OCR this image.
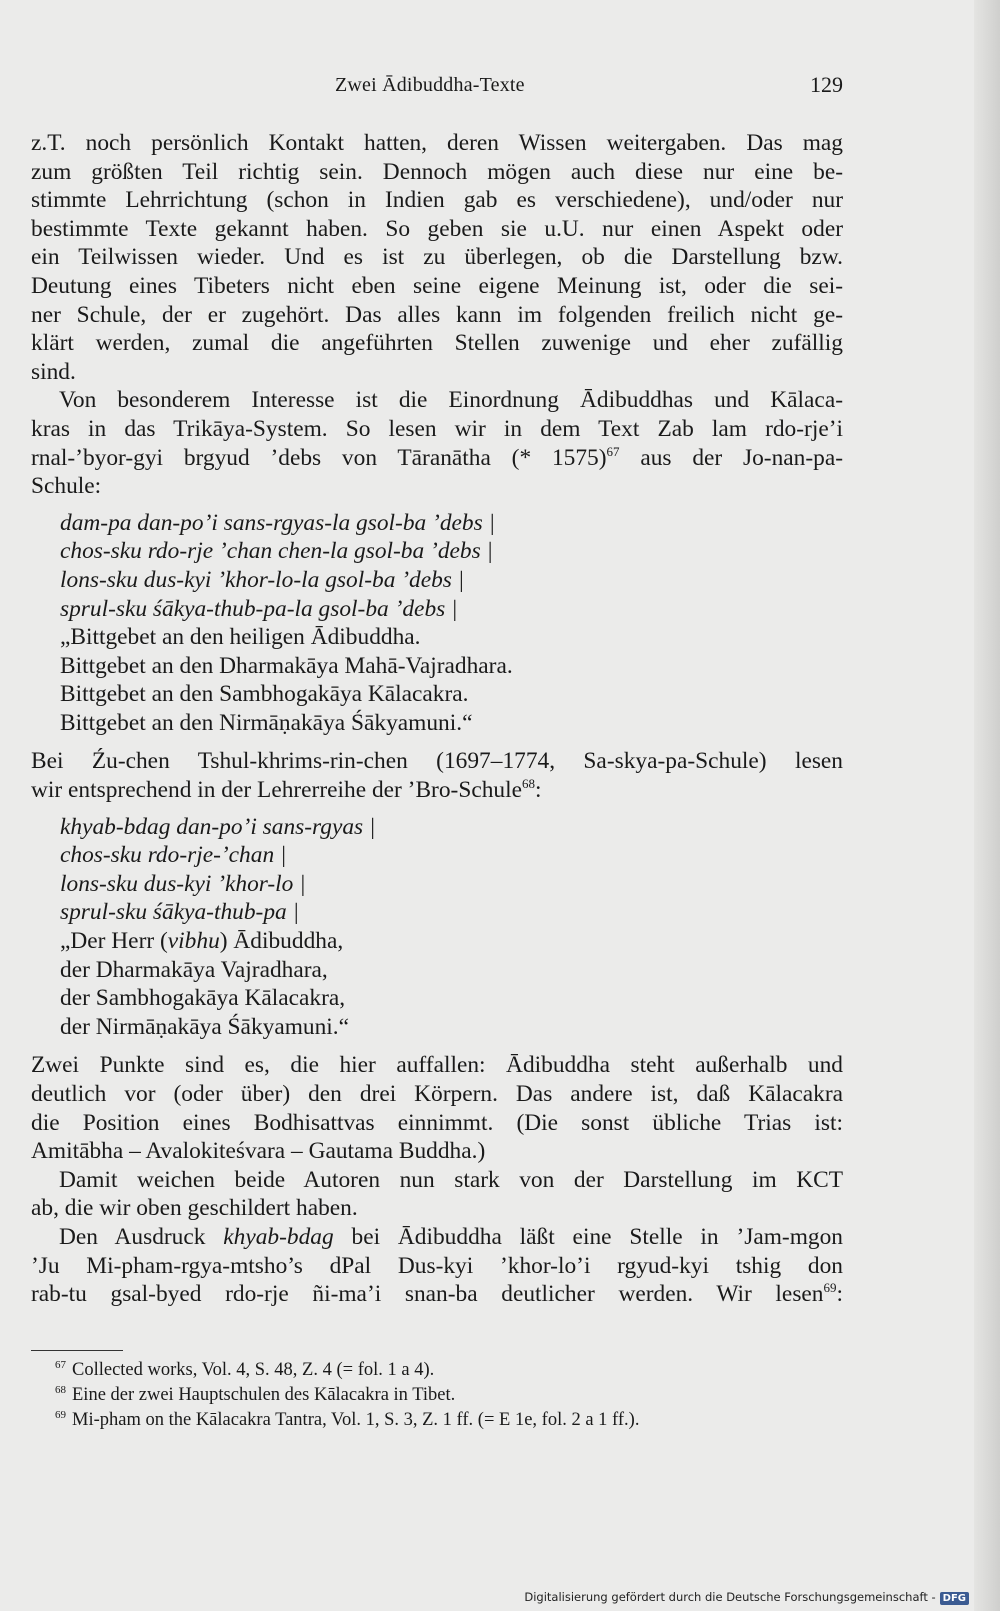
Zwei Ādibuddha-Texte	129

z.T. noch persönlich Kontakt hatten, deren Wissen weitergaben. Das mag
zum größten Teil richtig sein. Dennoch mögen auch diese nur eine be-
stimmte Lehrrichtung (schon in Indien gab es verschiedene), und/oder nur
bestimmte Texte gekannt haben. So geben sie u.U. nur einen Aspekt oder
ein Teilwissen wieder. Und es ist zu überlegen, ob die Darstellung bzw.
Deutung eines Tibeters nicht eben seine eigene Meinung ist, oder die sei-
ner Schule, der er zugehört. Das alles kann im folgenden freilich nicht ge-
klärt werden, zumal die angeführten Stellen zuwenige und eher zufällig
sind.

Von besonderem Interesse ist die Einordnung Ādibuddhas und Kālaca-
kras in das Trikāya-System. So lesen wir in dem Text Zab lam rdo-rje’i
rnal-’byor-gyi brgyud ’debs von Tāranātha (* 1575)$^{67}$ aus der Jo-nan-pa-
Schule:

dam-pa dan-po’i sans-rgyas-la gsol-ba ’debs |
chos-sku rdo-rje ’chan chen-la gsol-ba ’debs |
lons-sku dus-kyi ’khor-lo-la gsol-ba ’debs |
sprul-sku śākya-thub-pa-la gsol-ba ’debs |
„Bittgebet an den heiligen Ādibuddha.
Bittgebet an den Dharmakāya Mahā-Vajradhara.
Bittgebet an den Sambhogakāya Kālacakra.
Bittgebet an den Nirmāṇakāya Śākyamuni.“

Bei Źu-chen Tshul-khrims-rin-chen (1697–1774, Sa-skya-pa-Schule) lesen
wir entsprechend in der Lehrerreihe der ’Bro-Schule$^{68}$:

khyab-bdag dan-po’i sans-rgyas |
chos-sku rdo-rje-’chan |
lons-sku dus-kyi ’khor-lo |
sprul-sku śākya-thub-pa |
„Der Herr (vibhu) Ādibuddha,
der Dharmakāya Vajradhara,
der Sambhogakāya Kālacakra,
der Nirmāṇakāya Śākyamuni.“

Zwei Punkte sind es, die hier auffallen: Ādibuddha steht außerhalb und
deutlich vor (oder über) den drei Körpern. Das andere ist, daß Kālacakra
die Position eines Bodhisattvas einnimmt. (Die sonst übliche Trias ist:
Amitābha – Avalokiteśvara – Gautama Buddha.)

Damit weichen beide Autoren nun stark von der Darstellung im KCT
ab, die wir oben geschildert haben.

Den Ausdruck khyab-bdag bei Ādibuddha läßt eine Stelle in ’Jam-mgon
’Ju Mi-pham-rgya-mtsho’s dPal Dus-kyi ’khor-lo’i rgyud-kyi tshig don
rab-tu gsal-byed rdo-rje ñi-ma’i snan-ba deutlicher werden. Wir lesen$^{69}$:

$^{67}$ Collected works, Vol. 4, S. 48, Z. 4 (= fol. 1 a 4).
$^{68}$ Eine der zwei Hauptschulen des Kālacakra in Tibet.
$^{69}$ Mi-pham on the Kālacakra Tantra, Vol. 1, S. 3, Z. 1 ff. (= E 1e, fol. 2 a 1 ff.).
Digitalisierung gefördert durch die Deutsche Forschungsgemeinschaft - DFG
